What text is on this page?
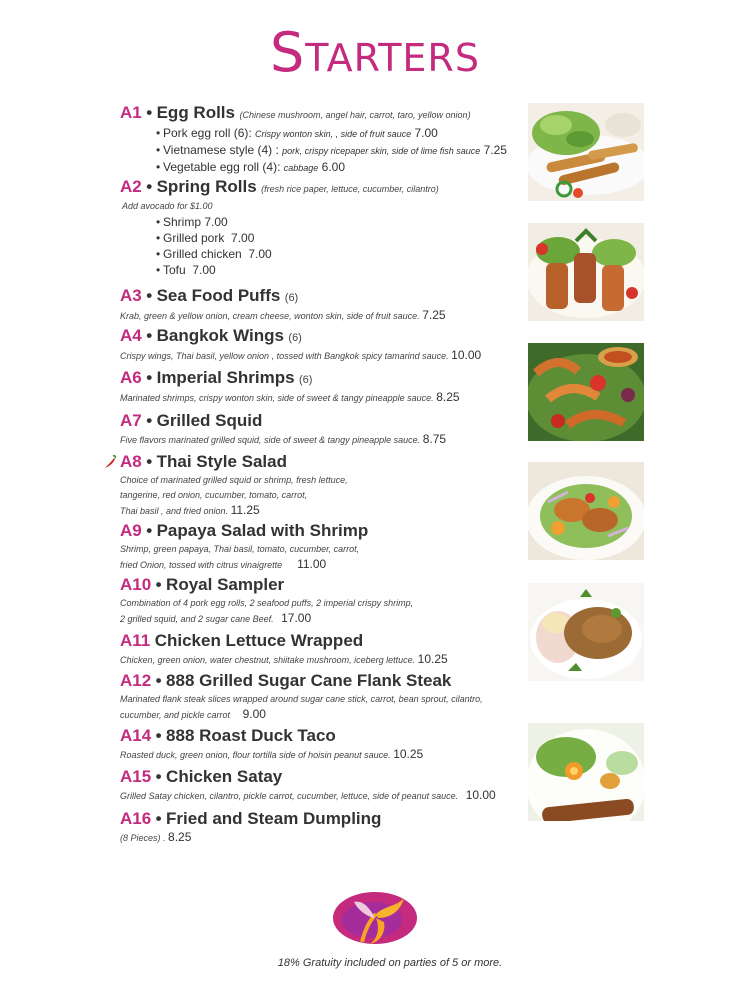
Starters
A1 • Egg Rolls (Chinese mushroom, angel hair, carrot, taro, yellow onion)
• Pork egg roll (6): Crispy wonton skin, , side of fruit sauce 7.00
• Vietnamese style (4) : pork, crispy ricepaper skin, side of lime fish sauce 7.25
• Vegetable egg roll (4): cabbage 6.00
A2 • Spring Rolls (fresh rice paper, lettuce, cucumber, cilantro)
Add avocado for $1.00
• Shrimp 7.00
• Grilled pork 7.00
• Grilled chicken 7.00
• Tofu 7.00
A3 • Sea Food Puffs (6)
Krab, green & yellow onion, cream cheese, wonton skin, side of fruit sauce. 7.25
A4 • Bangkok Wings (6)
Crispy wings, Thai basil, yellow onion , tossed with Bangkok spicy tamarind sauce. 10.00
A6 • Imperial Shrimps (6)
Marinated shrimps, crispy wonton skin, side of sweet & tangy pineapple sauce. 8.25
A7 • Grilled Squid
Five flavors marinated grilled squid, side of sweet & tangy pineapple sauce. 8.75
A8 • Thai Style Salad
Choice of marinated grilled squid or shrimp, fresh lettuce,
tangerine, red onion, cucumber, tomato, carrot,
Thai basil , and fried onion. 11.25
A9 • Papaya Salad with Shrimp
Shrimp, green papaya, Thai basil, tomato, cucumber, carrot,
fried Onion, tossed with citrus vinaigrette 11.00
A10 • Royal Sampler
Combination of 4 pork egg rolls, 2 seafood puffs, 2 imperial crispy shrimp,
2 grilled squid, and 2 sugar cane Beef. 17.00
A11 Chicken Lettuce Wrapped
Chicken, green onion, water chestnut, shiitake mushroom, iceberg lettuce. 10.25
A12 • 888 Grilled Sugar Cane Flank Steak
Marinated flank steak slices wrapped around sugar cane stick, carrot, bean sprout, cilantro,
cucumber, and pickle carrot 9.00
A14 • 888 Roast Duck Taco
Roasted duck, green onion, flour tortilla side of hoisin peanut sauce. 10.25
A15 • Chicken Satay
Grilled Satay chicken, cilantro, pickle carrot, cucumber, lettuce, side of peanut sauce. 10.00
A16 • Fried and Steam Dumpling
(8 Pieces) . 8.25
18% Gratuity included on parties of 5 or more.
